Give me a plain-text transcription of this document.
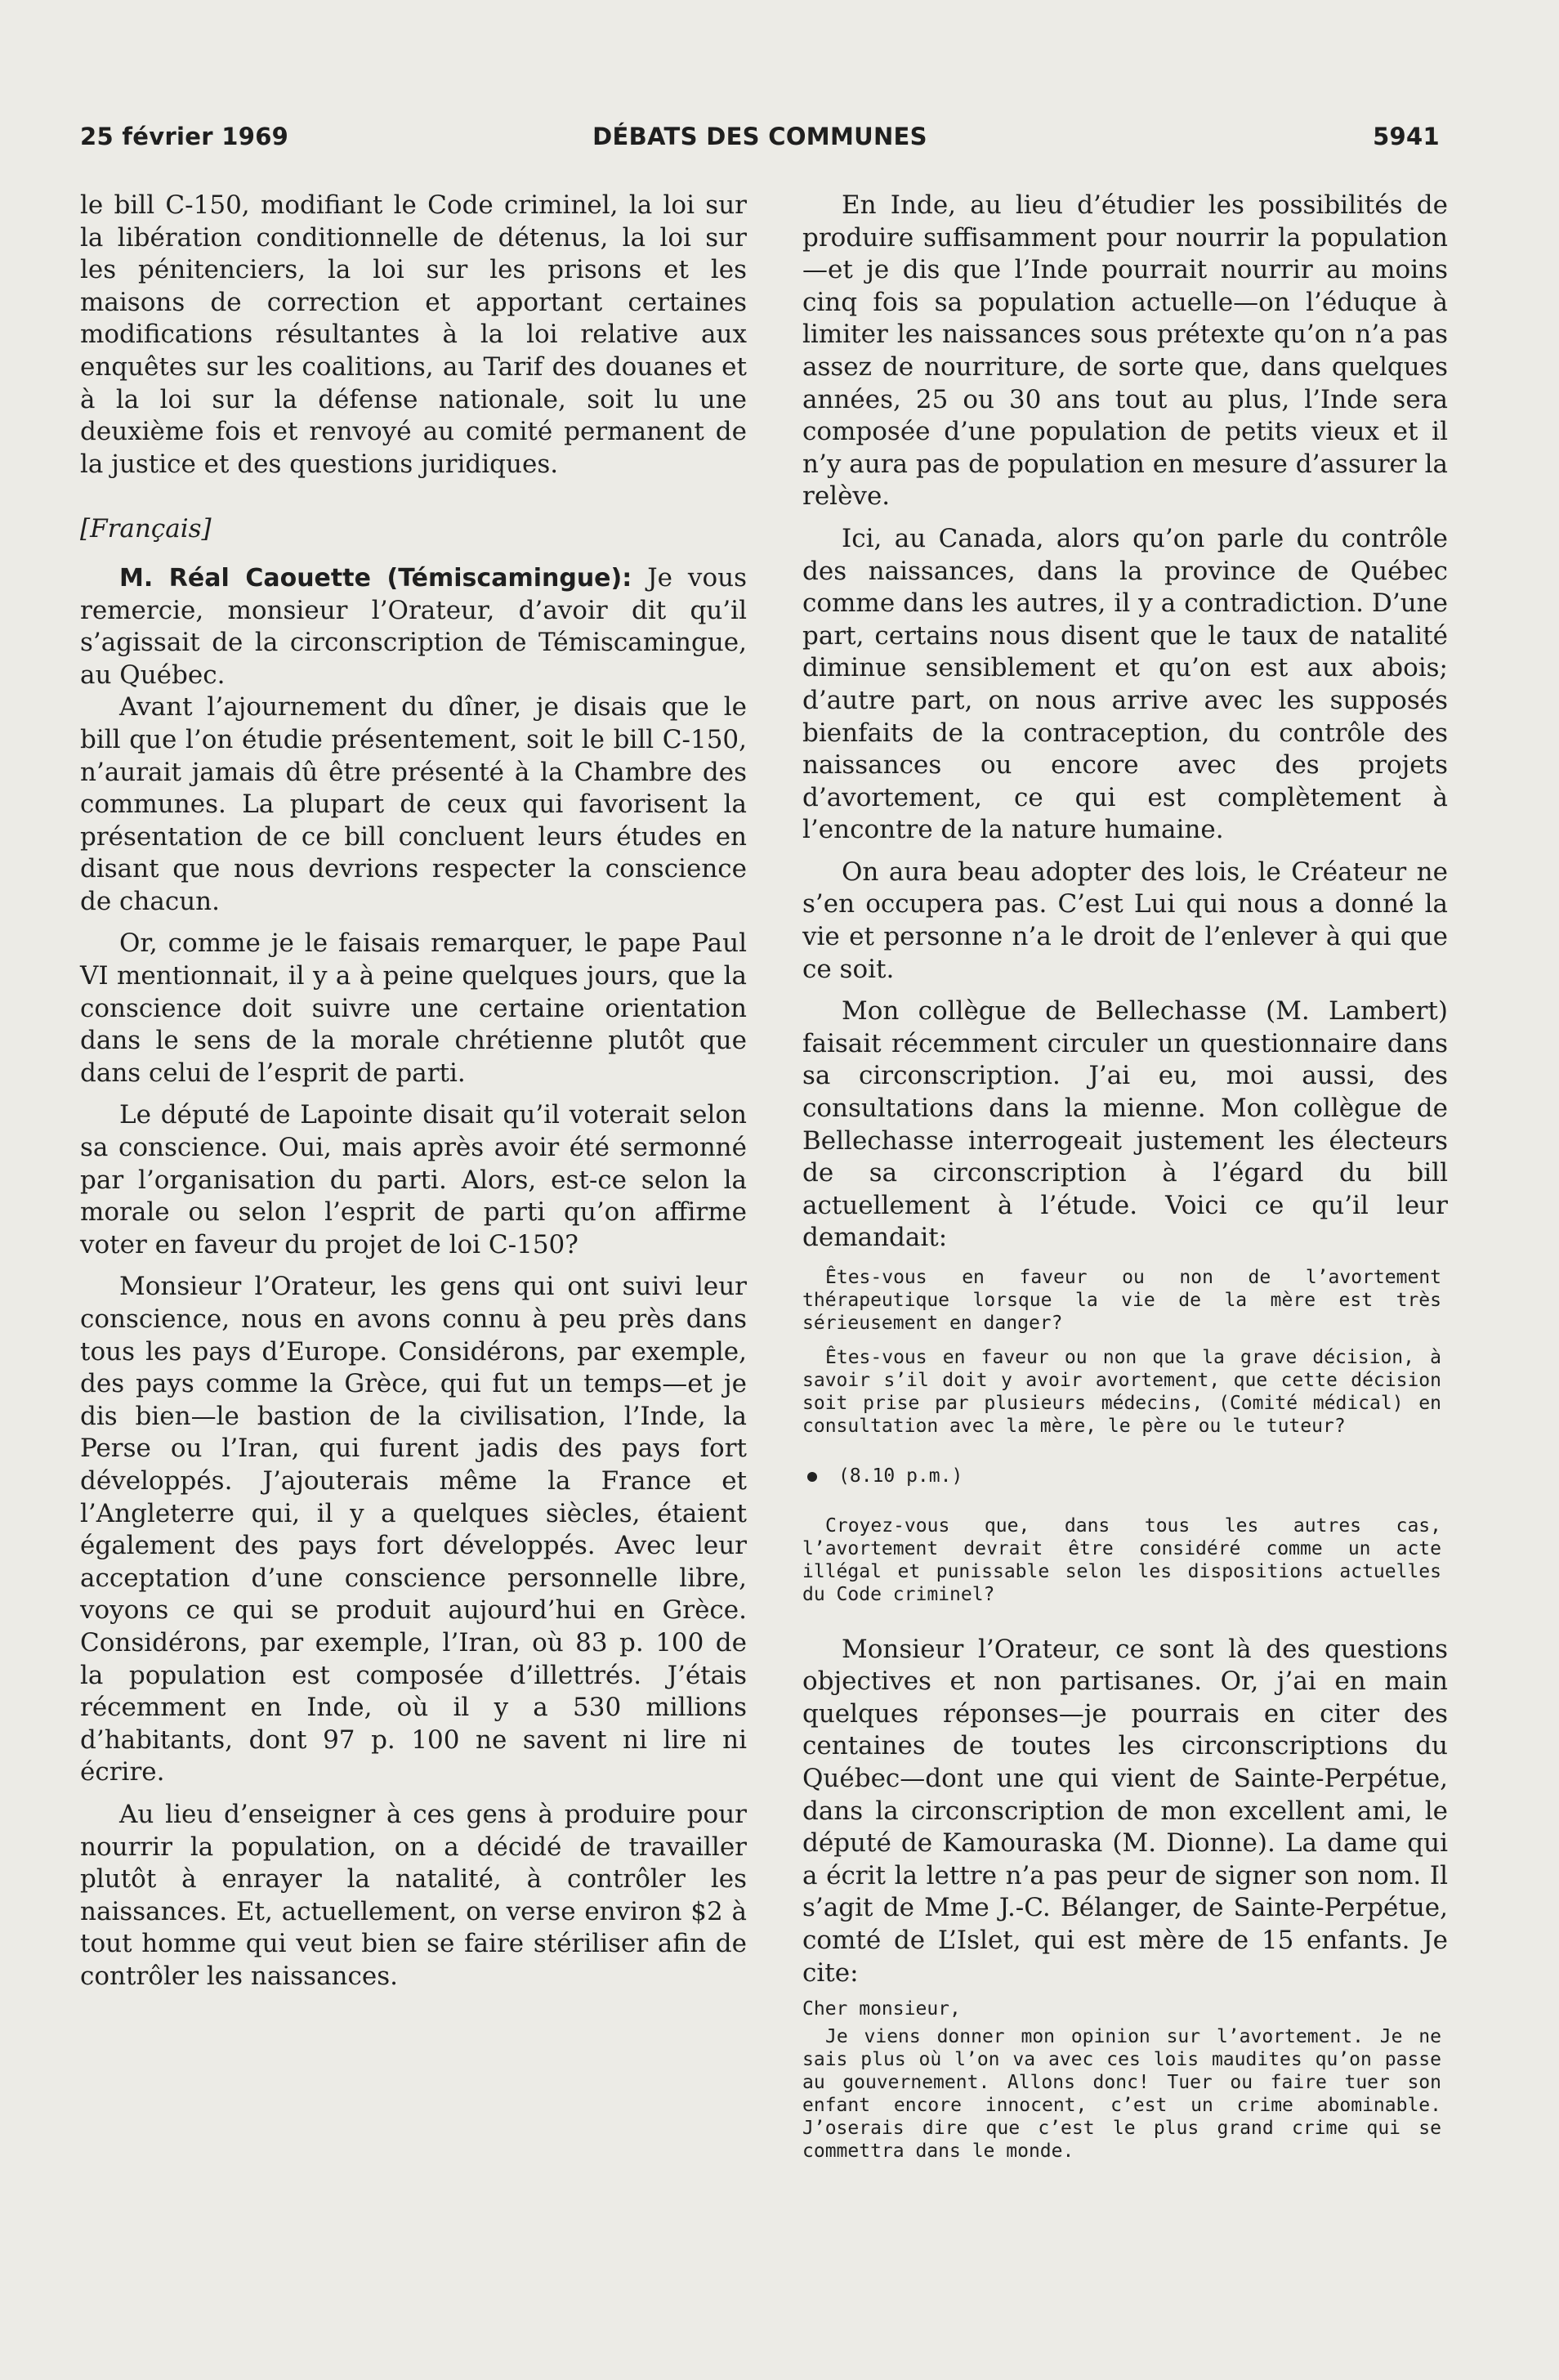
25 février 1969	DÉBATS DES COMMUNES	5941

le bill C-150, modifiant le Code criminel, la loi sur la libération conditionnelle de détenus, la loi sur les pénitenciers, la loi sur les prisons et les maisons de correction et apportant certaines modifications résultantes à la loi relative aux enquêtes sur les coalitions, au Tarif des douanes et à la loi sur la défense nationale, soit lu une deuxième fois et renvoyé au comité permanent de la justice et des questions juridiques.

[Français]

M. Réal Caouette (Témiscamingue): Je vous remercie, monsieur l’Orateur, d’avoir dit qu’il s’agissait de la circonscription de Témiscamingue, au Québec.

Avant l’ajournement du dîner, je disais que le bill que l’on étudie présentement, soit le bill C-150, n’aurait jamais dû être présenté à la Chambre des communes. La plupart de ceux qui favorisent la présentation de ce bill concluent leurs études en disant que nous devrions respecter la conscience de chacun.

Or, comme je le faisais remarquer, le pape Paul VI mentionnait, il y a à peine quelques jours, que la conscience doit suivre une certaine orientation dans le sens de la morale chrétienne plutôt que dans celui de l’esprit de parti.

Le député de Lapointe disait qu’il voterait selon sa conscience. Oui, mais après avoir été sermonné par l’organisation du parti. Alors, est-ce selon la morale ou selon l’esprit de parti qu’on affirme voter en faveur du projet de loi C-150?

Monsieur l’Orateur, les gens qui ont suivi leur conscience, nous en avons connu à peu près dans tous les pays d’Europe. Considérons, par exemple, des pays comme la Grèce, qui fut un temps—et je dis bien—le bastion de la civilisation, l’Inde, la Perse ou l’Iran, qui furent jadis des pays fort développés. J’ajouterais même la France et l’Angleterre qui, il y a quelques siècles, étaient également des pays fort développés. Avec leur acceptation d’une conscience personnelle libre, voyons ce qui se produit aujourd’hui en Grèce. Considérons, par exemple, l’Iran, où 83 p. 100 de la population est composée d’illettrés. J’étais récemment en Inde, où il y a 530 millions d’habitants, dont 97 p. 100 ne savent ni lire ni écrire.

Au lieu d’enseigner à ces gens à produire pour nourrir la population, on a décidé de travailler plutôt à enrayer la natalité, à contrôler les naissances. Et, actuellement, on verse environ $2 à tout homme qui veut bien se faire stériliser afin de contrôler les naissances.

En Inde, au lieu d’étudier les possibilités de produire suffisamment pour nourrir la population—et je dis que l’Inde pourrait nourrir au moins cinq fois sa population actuelle—on l’éduque à limiter les naissances sous prétexte qu’on n’a pas assez de nourriture, de sorte que, dans quelques années, 25 ou 30 ans tout au plus, l’Inde sera composée d’une population de petits vieux et il n’y aura pas de population en mesure d’assurer la relève.

Ici, au Canada, alors qu’on parle du contrôle des naissances, dans la province de Québec comme dans les autres, il y a contradiction. D’une part, certains nous disent que le taux de natalité diminue sensiblement et qu’on est aux abois; d’autre part, on nous arrive avec les supposés bienfaits de la contraception, du contrôle des naissances ou encore avec des projets d’avortement, ce qui est complètement à l’encontre de la nature humaine.

On aura beau adopter des lois, le Créateur ne s’en occupera pas. C’est Lui qui nous a donné la vie et personne n’a le droit de l’enlever à qui que ce soit.

Mon collègue de Bellechasse (M. Lambert) faisait récemment circuler un questionnaire dans sa circonscription. J’ai eu, moi aussi, des consultations dans la mienne. Mon collègue de Bellechasse interrogeait justement les électeurs de sa circonscription à l’égard du bill actuellement à l’étude. Voici ce qu’il leur demandait:

Êtes-vous en faveur ou non de l’avortement thérapeutique lorsque la vie de la mère est très sérieusement en danger?

Êtes-vous en faveur ou non que la grave décision, à savoir s’il doit y avoir avortement, que cette décision soit prise par plusieurs médecins, (Comité médical) en consultation avec la mère, le père ou le tuteur?

(8.10 p.m.)

Croyez-vous que, dans tous les autres cas, l’avortement devrait être considéré comme un acte illégal et punissable selon les dispositions actuelles du Code criminel?

Monsieur l’Orateur, ce sont là des questions objectives et non partisanes. Or, j’ai en main quelques réponses—je pourrais en citer des centaines de toutes les circonscriptions du Québec—dont une qui vient de Sainte-Perpétue, dans la circonscription de mon excellent ami, le député de Kamouraska (M. Dionne). La dame qui a écrit la lettre n’a pas peur de signer son nom. Il s’agit de Mme J.-C. Bélanger, de Sainte-Perpétue, comté de L’Islet, qui est mère de 15 enfants. Je cite:

Cher monsieur,

Je viens donner mon opinion sur l’avortement. Je ne sais plus où l’on va avec ces lois maudites qu’on passe au gouvernement. Allons donc! Tuer ou faire tuer son enfant encore innocent, c’est un crime abominable. J’oserais dire que c’est le plus grand crime qui se commettra dans le monde.
